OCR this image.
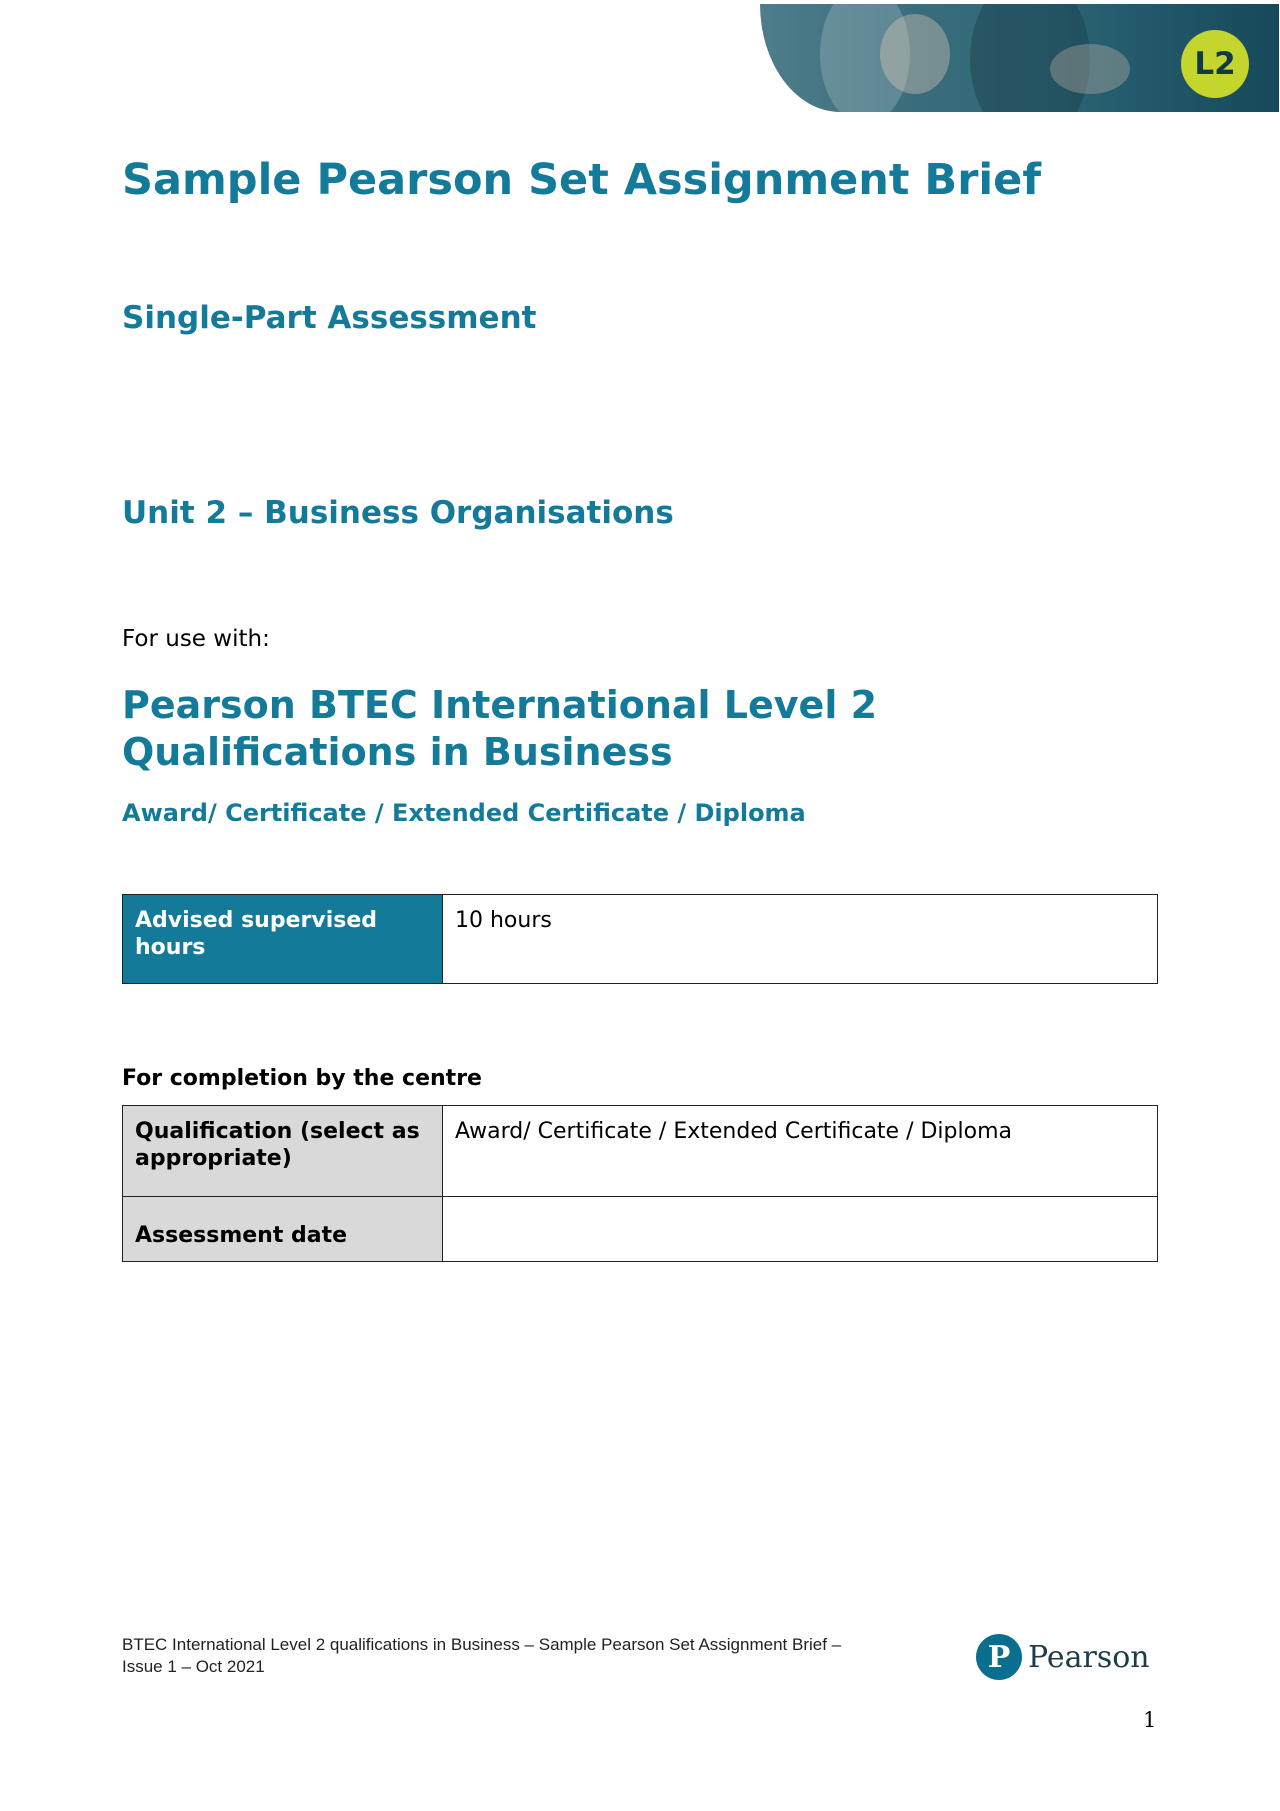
L2
Sample Pearson Set Assignment Brief
Single-Part Assessment
Unit 2 – Business Organisations
For use with:
Pearson BTEC International Level 2 Qualifications in Business
Award/ Certificate / Extended Certificate / Diploma
Advised supervised hours	10 hours
For completion by the centre
Qualification (select as appropriate)	Award/ Certificate / Extended Certificate / Diploma
Assessment date	
BTEC International Level 2 qualifications in Business – Sample Pearson Set Assignment Brief – Issue 1 – Oct 2021	P Pearson
1
